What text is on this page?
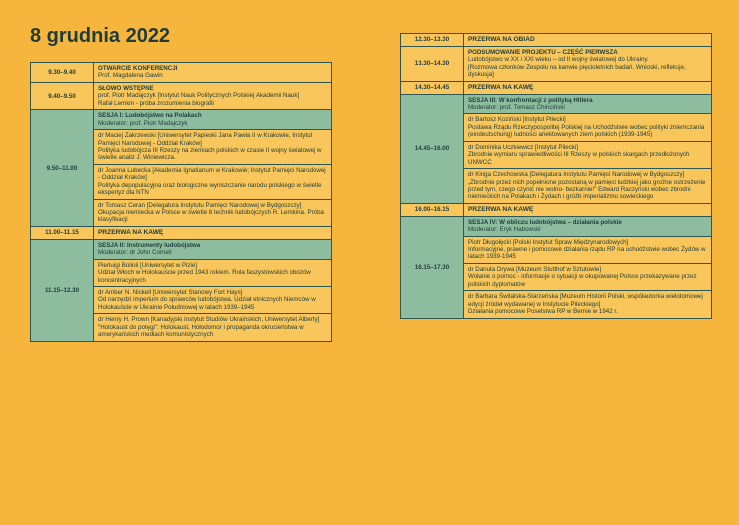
8 grudnia 2022
9.30–9.40	OTWARCIE KONFERENCJI
Prof. Magdalena Gawin

9.40–9.50	SŁOWO WSTĘPNE
prof. Piotr Madajczyk [Instytut Nauk Politycznych Polskiej Akademii Nauk]
Rafał Lemkin - próba zrozumienia biografii

9.50–11.00	SESJA I: Ludobójstwo na Polakach
Moderator: prof. Piotr Madajczyk

	dr Maciej Zakrzewski [Uniwersytet Papieski Jana Pawła II w Krakowie, Instytut Pamięci Narodowej - Oddział Kraków]
Polityka ludobójcza III Rzeszy na ziemiach polskich w czasie II wojny światowej w świetle analiz J. Winiewicza.

	dr Joanna Lubecka [Akademia Ignatianum w Krakowie; Instytut Pamięci Narodowej - Oddział Kraków]
Polityka depopulacyjna oraz biologiczne wyniszczanie narodu polskiego w świetle ekspertyz dla NTN

	dr Tomasz Ceran [Delegatura Instytutu Pamięci Narodowej w Bydgoszczy]
Okupacja niemiecka w Polsce w świetle 8 technik ludobójczych R. Lemkina. Próba klasyfikacji

11.00–11.15	PRZERWA NA KAWĘ
11.15–12.30	SESJA II: Instrumenty ludobójstwa
Moderator: dr John Cornell

	Pierluigi Bolioli [Uniwersytet w Pizie]
Udział Włoch w Holokauście przed 1943 rokiem. Rola faszystowskich obozów koncentracyjnych

	dr Amber N. Nickell [Uniwersytet Stanowy Fort Hays]
Od narzędzi imperium do sprawców ludobójstwa. Udział etnicznych Niemców w Holokauście w Ukrainie Południowej w latach 1939–1945

	dr Henry H. Prown [Kanadyjski Instytut Studiów Ukraińskich, Uniwersytet Alberty]
"Holokaust do potęgi": Holokaust, Hołodomor i propaganda okrucieństwa w amerykańskich mediach komunistycznych
12.30–13.30	PRZERWA NA OBIAD
13.30–14.30	PODSUMOWANIE PROJEKTU – CZĘŚĆ PIERWSZA
Ludobójstwo w XX i XXI wieku – od II wojny światowej do Ukrainy.
[Rozmowa członków Zespołu na kanwie pięcioletnich badań. Wnioski, refleksje, dyskusja]

14.30–14.45	PRZERWA NA KAWĘ
14.45–16.00	SESJA III: W konfrontacji z polityką Hitlera
Moderator: prof. Tomasz Chinciński

	dr Bartosz Koziński [Instytut Pilecki]
Postawa Rządu Rzeczypospolitej Polskiej na Uchodźstwie wobec polityki zniemczania (eindeutschung) ludności anektowanych ziem polskich (1939-1945)

	dr Dominika Uczkiewicz [Instytut Pilecki]
Zbrodnie wymiaru sprawiedliwości III Rzeszy w polskich skargach przedłożonych UNWCC

	dr Kinga Czechowska [Delegatura Instytutu Pamięci Narodowej w Bydgoszczy]
„Zbrodnie przez nich popełnione pozostaną w pamięci ludzkiej jako groźne ostrzeżenie przed tym, czego czynić nie wolno- bezkarnie!" Edward Raczyński wobec zbrodni niemieckich na Polakach i Żydach i gróźb imperializmu sowieckiego

16.00–16.15	PRZERWA NA KAWĘ
16.15–17.30	SESJA IV: W obliczu ludobójstwa – działania polskie
Moderator: Eryk Habowski

	Piotr Długołęcki [Polski Instytut Spraw Międzynarodowych]
Informacyjne, prawne i pomocowe działania rządu RP na uchodźstwie wobec Żydów w latach 1939-1945

	dr Danuta Drywa [Muzeum Stutthof w Sztutowie]
Wołanie o pomoc - informacje o sytuacji w okupowanej Polsce przekazywane przez polskich dyplomatów

	dr Barbara Świtalska-Starzeńska [Muzeum Historii Polski, współautorka wielotomowej edycji źródeł wydawanej w Instytucie Pileckiego]
Działania pomocowe Poselstwa RP w Bernie w 1942 r.
